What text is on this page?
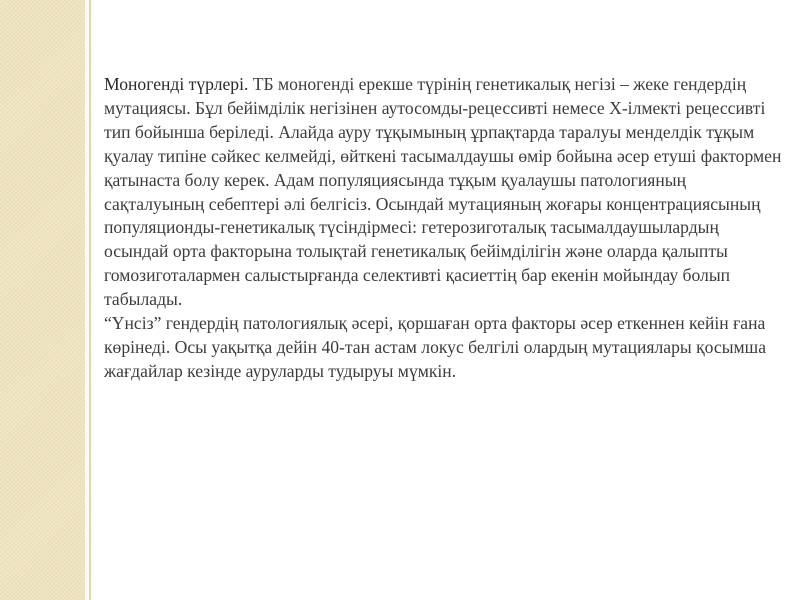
Моногенді түрлері. ТБ моногенді ерекше түрінің генетикалық негізі – жеке гендердің мутациясы. Бұл бейімділік негізінен аутосомды-рецессивті немесе X-ілмекті рецессивті тип бойынша беріледі. Алайда ауру тұқымының ұрпақтарда таралуы менделдік тұқым қуалау типіне сәйкес келмейді, өйткені тасымалдаушы өмір бойына әсер етуші фактормен қатынаста болу керек. Адам популяциясында тұқым қуалаушы патологияның сақталуының себептері әлі белгісіз. Осындай мутацияның жоғары концентрациясының популяционды-генетикалық түсіндірмесі: гетерозиготалық тасымалдаушылардың осындай орта факторына толықтай генетикалық бейімділігін және оларда қалыпты гомозиготалармен салыстырғанда селективті қасиеттің бар екенін мойындау болып табылады.

“Үнсіз” гендердің патологиялық әсері, қоршаған орта факторы әсер еткеннен кейін ғана көрінеді. Осы уақытқа дейін 40-тан астам локус белгілі олардың мутациялары қосымша жағдайлар кезінде ауруларды тудыруы мүмкін.
